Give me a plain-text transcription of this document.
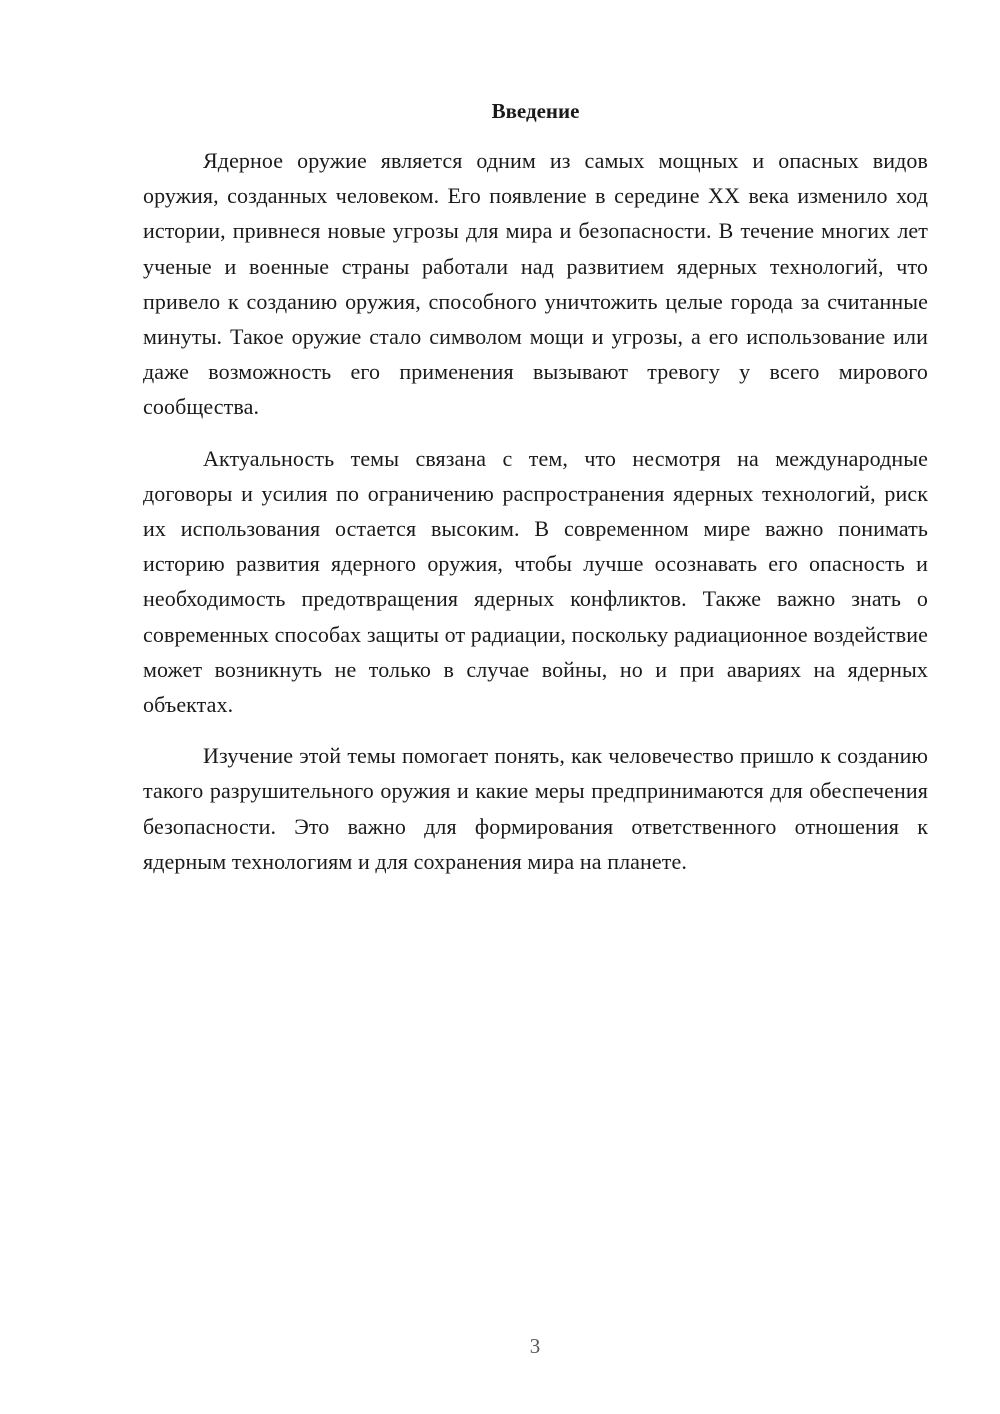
Введение

Ядерное оружие является одним из самых мощных и опасных видов оружия, созданных человеком. Его появление в середине XX века изменило ход истории, привнеся новые угрозы для мира и безопасности. В течение многих лет ученые и военные страны работали над развитием ядерных технологий, что привело к созданию оружия, способного уничтожить целые города за считанные минуты. Такое оружие стало символом мощи и угрозы, а его использование или даже возможность его применения вызывают тревогу у всего мирового сообщества.

Актуальность темы связана с тем, что несмотря на международные договоры и усилия по ограничению распространения ядерных технологий, риск их использования остается высоким. В современном мире важно понимать историю развития ядерного оружия, чтобы лучше осознавать его опасность и необходимость предотвращения ядерных конфликтов. Также важно знать о современных способах защиты от радиации, поскольку радиационное воздействие может возникнуть не только в случае войны, но и при авариях на ядерных объектах.

Изучение этой темы помогает понять, как человечество пришло к созданию такого разрушительного оружия и какие меры предпринимаются для обеспечения безопасности. Это важно для формирования ответственного отношения к ядерным технологиям и для сохранения мира на планете.

3
